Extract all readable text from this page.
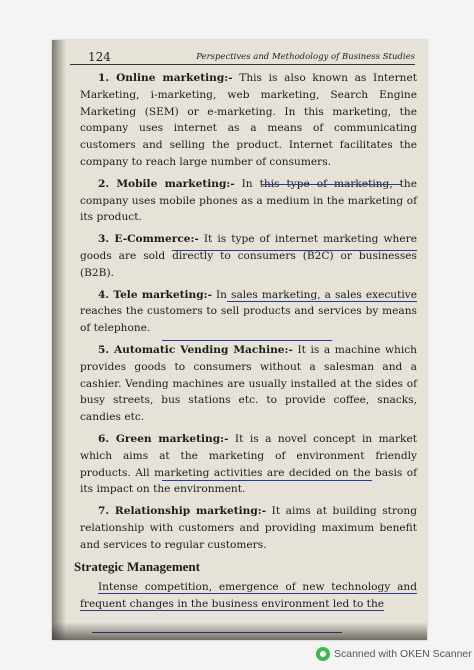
124	Perspectives and Methodology of Business Studies

1. Online marketing:- This is also known as Internet Marketing, i-marketing, web marketing, Search Engine Marketing (SEM) or e-marketing. In this marketing, the company uses internet as a means of communicating customers and selling the product. Internet facilitates the company to reach large number of consumers.

2. Mobile marketing:- In this type of marketing, the company uses mobile phones as a medium in the marketing of its product.

3. E-Commerce:- It is type of internet marketing where goods are sold directly to consumers (B2C) or businesses (B2B).

4. Tele marketing:- In sales marketing, a sales executive reaches the customers to sell products and services by means of telephone.

5. Automatic Vending Machine:- It is a machine which provides goods to consumers without a salesman and a cashier. Vending machines are usually installed at the sides of busy streets, bus stations etc. to provide coffee, snacks, candies etc.

6. Green marketing:- It is a novel concept in market which aims at the marketing of environment friendly products. All marketing activities are decided on the basis of its impact on the environment.

7. Relationship marketing:- It aims at building strong relationship with customers and providing maximum benefit and services to regular customers.

Strategic Management

Intense competition, emergence of new technology and frequent changes in the business environment led to the

Scanned with OKEN Scanner
